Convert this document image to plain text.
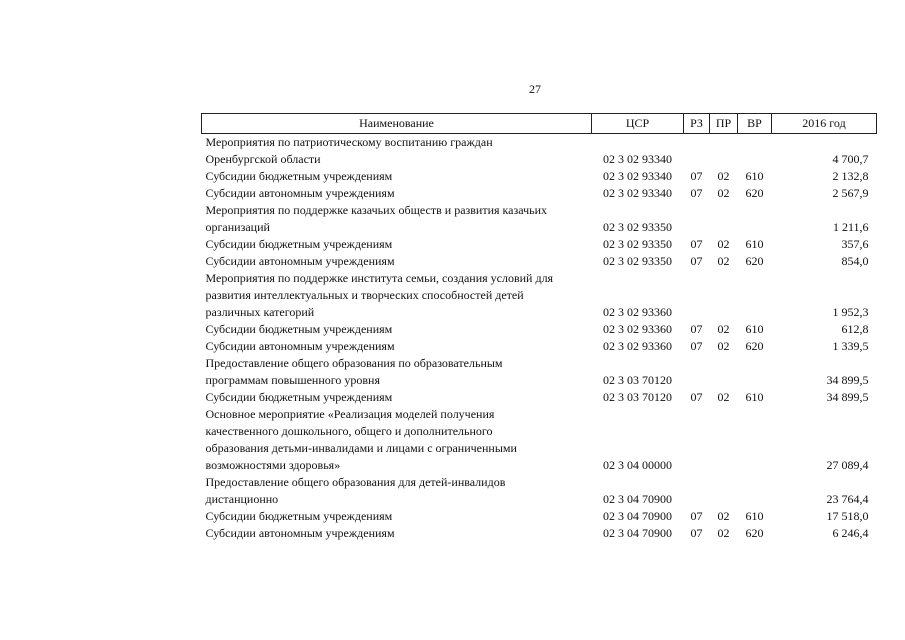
27
Наименование	ЦСР	РЗ	ПР	ВР	2016 год
Мероприятия по патриотическому воспитанию граждан					
Оренбургской области	02 3 02 93340				4 700,7
Субсидии бюджетным учреждениям	02 3 02 93340	07	02	610	2 132,8
Субсидии автономным учреждениям	02 3 02 93340	07	02	620	2 567,9
Мероприятия по поддержке казачьих обществ и развития казачьих					
организаций	02 3 02 93350				1 211,6
Субсидии бюджетным учреждениям	02 3 02 93350	07	02	610	357,6
Субсидии автономным учреждениям	02 3 02 93350	07	02	620	854,0
Мероприятия по поддержке института семьи, создания условий для					
развития интеллектуальных и творческих способностей детей					
различных категорий	02 3 02 93360				1 952,3
Субсидии бюджетным учреждениям	02 3 02 93360	07	02	610	612,8
Субсидии автономным учреждениям	02 3 02 93360	07	02	620	1 339,5
Предоставление общего образования по образовательным					
программам повышенного уровня	02 3 03 70120				34 899,5
Субсидии бюджетным учреждениям	02 3 03 70120	07	02	610	34 899,5
Основное мероприятие «Реализация моделей получения					
качественного дошкольного, общего и дополнительного					
образования детьми-инвалидами и лицами с ограниченными					
возможностями здоровья»	02 3 04 00000				27 089,4
Предоставление общего образования для детей-инвалидов					
дистанционно	02 3 04 70900				23 764,4
Субсидии бюджетным учреждениям	02 3 04 70900	07	02	610	17 518,0
Субсидии автономным учреждениям	02 3 04 70900	07	02	620	6 246,4
